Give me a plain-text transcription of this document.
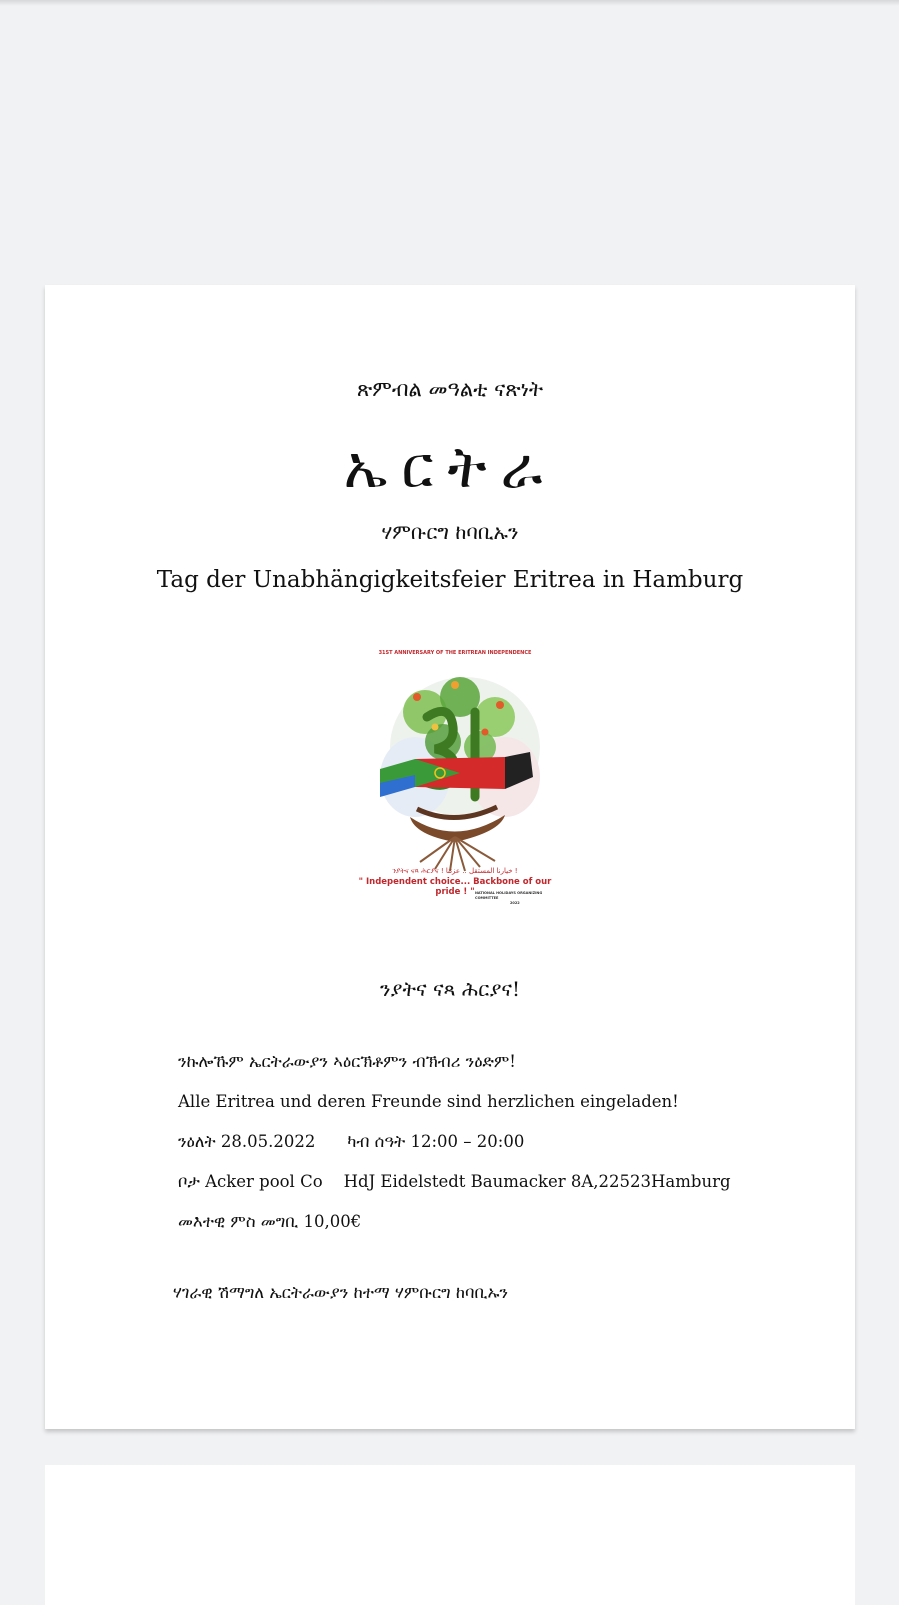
ጽምብል መዓልቲ ናጽነት
ኤርትራ
ሃምቡርግ ከባቢኡን
Tag der Unabhängigkeitsfeier Eritrea in Hamburg
31ST ANNIVERSARY OF THE ERITREAN INDEPENDENCE
ንያትና ናጻ ሕርያና ! خيارنا المستقل .. عزتنا !
" Independent choice... Backbone of our pride ! " NATIONAL HOLIDAYS ORGANIZING COMMITTEE
2022
ንያትና ናጻ ሕርያና!
ንኩሎኹም ኤርትራውያን ኣዕርኽቶምን ብኽብሪ ንዕድም!
Alle Eritrea und deren Freunde sind herzlichen eingeladen!
ንዕለት 28.05.2022 ካብ ሰዓት 12:00 – 20:00
ቦታ Acker pool Co    HdJ Eidelstedt Baumacker 8A,22523Hamburg
መእተዊ ምስ መግቢ 10,00€
ሃገራዊ ሽማግለ ኤርትራውያን ከተማ ሃምቡርግ ከባቢኡን
